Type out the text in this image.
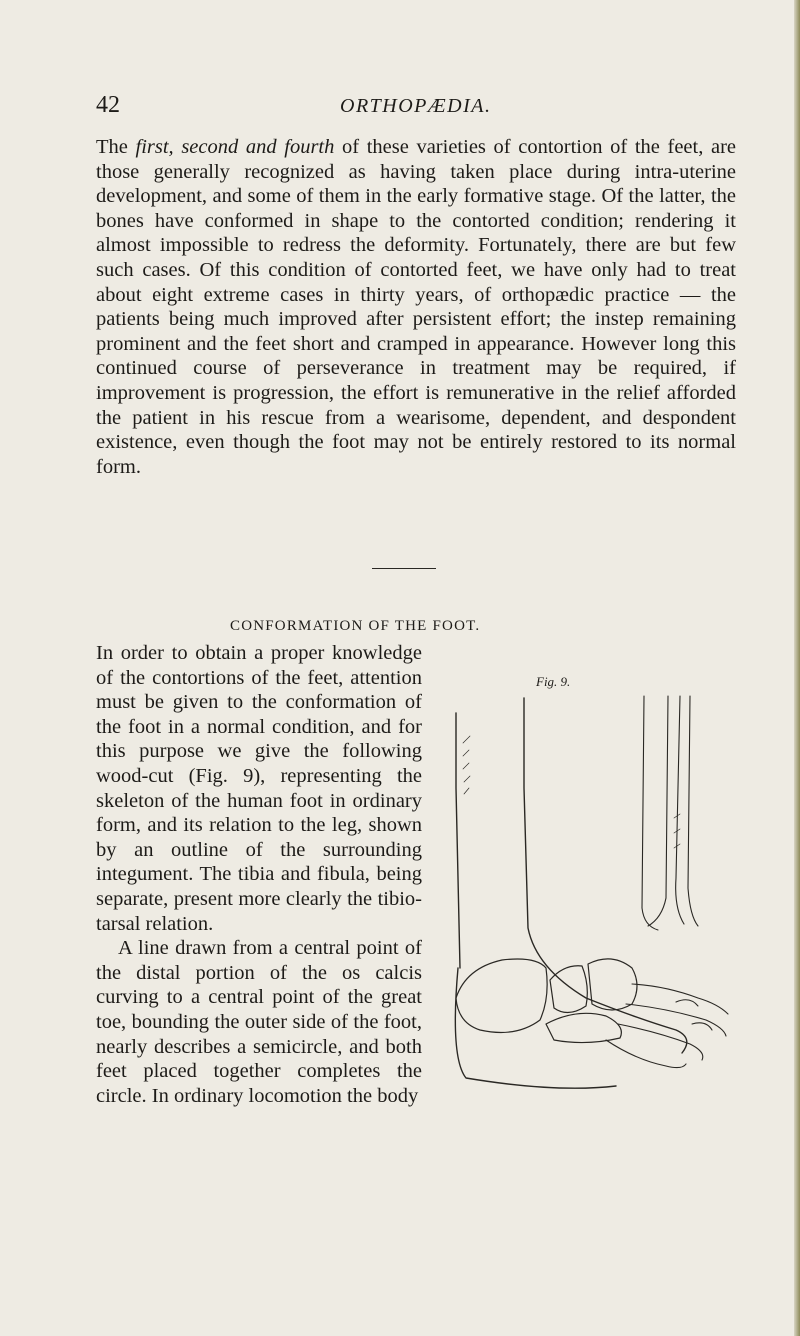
42	ORTHOPÆDIA.

The first, second and fourth of these varieties of contortion of the feet, are those generally recognized as having taken place during intra-uterine development, and some of them in the early formative stage. Of the latter, the bones have conformed in shape to the contorted condition; rendering it almost impossible to redress the deformity. Fortunately, there are but few such cases. Of this condition of contorted feet, we have only had to treat about eight extreme cases in thirty years, of orthopædic practice — the patients being much improved after persistent effort; the instep remaining prominent and the feet short and cramped in appearance. However long this continued course of perseverance in treatment may be required, if improvement is progression, the effort is remunerative in the relief afforded the patient in his rescue from a wearisome, dependent, and despondent existence, even though the foot may not be entirely restored to its normal form.

CONFORMATION OF THE FOOT.
In order to obtain a proper knowledge of the contortions of the feet, attention must be given to the conformation of the foot in a normal condition, and for this purpose we give the following wood-cut (Fig. 9), representing the skeleton of the human foot in ordinary form, and its relation to the leg, shown by an outline of the surrounding integument. The tibia and fibula, being separate, present more clearly the tibio-tarsal relation.
A line drawn from a central point of the distal portion of the os calcis curving to a central point of the great toe, bounding the outer side of the foot, nearly describes a semicircle, and both feet placed together completes the circle. In ordinary locomotion the body
Fig. 9.
